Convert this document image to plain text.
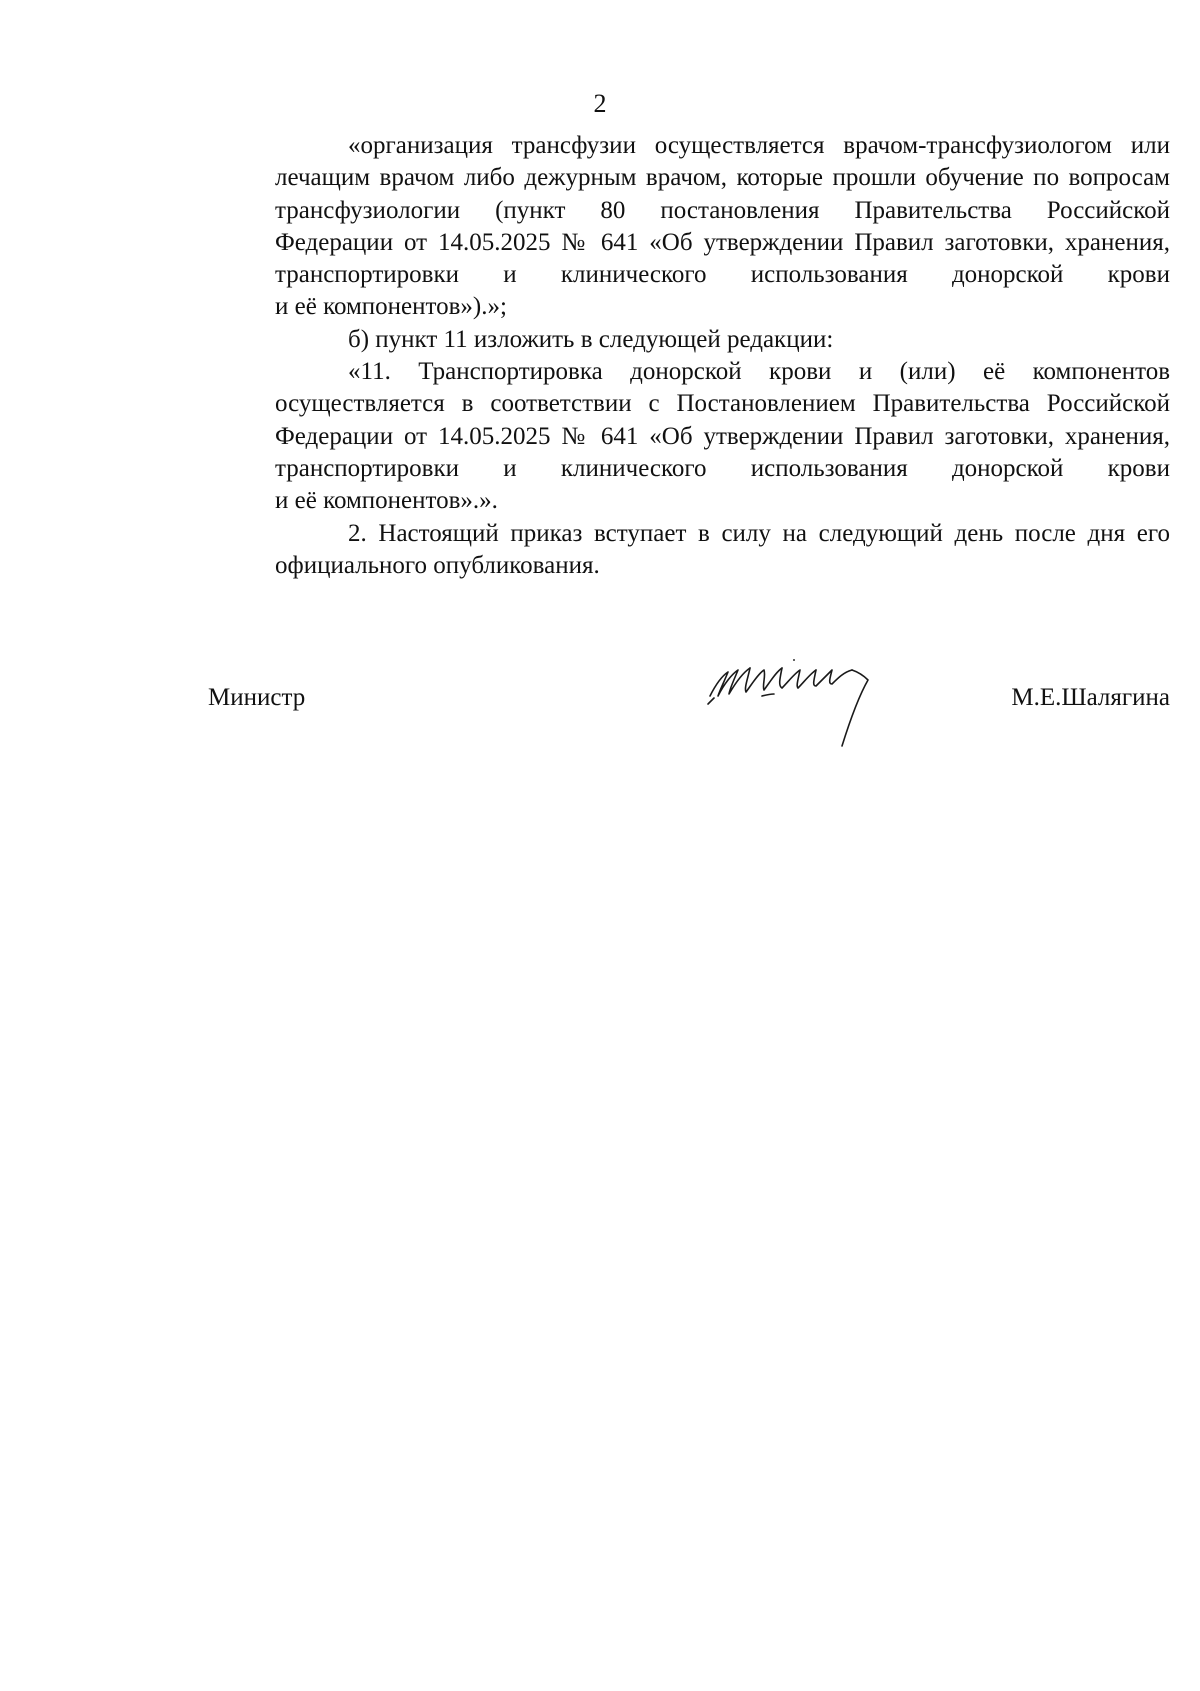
2

«организация трансфузии осуществляется врачом-трансфузиологом или
лечащим врачом либо дежурным врачом, которые прошли обучение по вопросам
трансфузиологии (пункт 80 постановления Правительства Российской
Федерации от 14.05.2025 № 641 «Об утверждении Правил заготовки, хранения,
транспортировки и клинического использования донорской крови
и её компонентов»).»;

б) пункт 11 изложить в следующей редакции:

«11. Транспортировка донорской крови и (или) её компонентов
осуществляется в соответствии с Постановлением Правительства Российской
Федерации от 14.05.2025 № 641 «Об утверждении Правил заготовки, хранения,
транспортировки и клинического использования донорской крови
и её компонентов».».

2. Настоящий приказ вступает в силу на следующий день после дня его
официального опубликования.

Министр	М.Е.Шалягина
